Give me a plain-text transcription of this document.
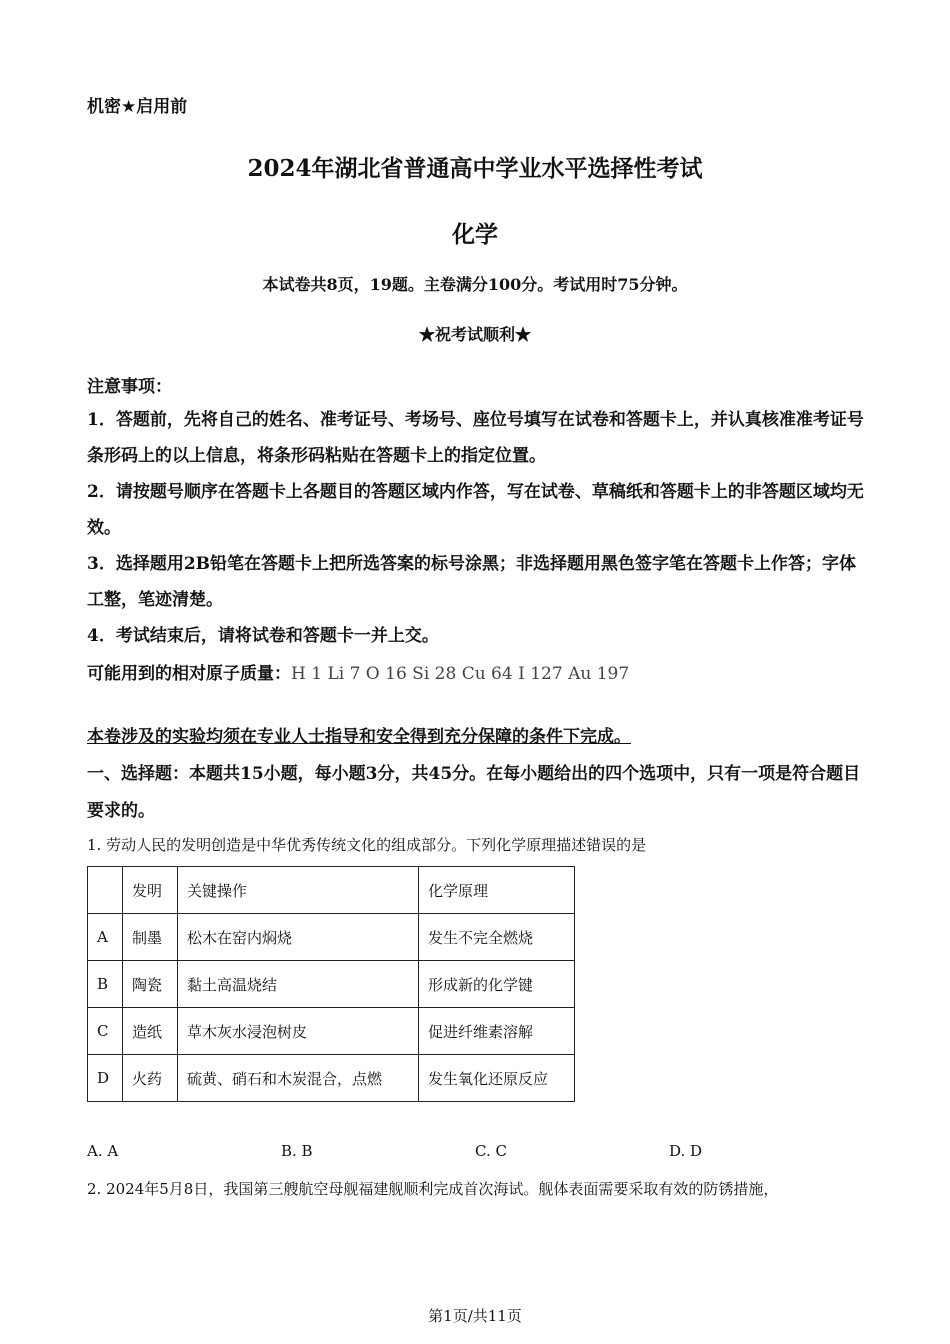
机密★启用前
2024年湖北省普通高中学业水平选择性考试
化学
本试卷共8页，19题。主卷满分100分。考试用时75分钟。
★祝考试顺利★
注意事项：

1．答题前，先将自己的姓名、准考证号、考场号、座位号填写在试卷和答题卡上，并认真核准准考证号条形码上的以上信息，将条形码粘贴在答题卡上的指定位置。

2．请按题号顺序在答题卡上各题目的答题区域内作答，写在试卷、草稿纸和答题卡上的非答题区域均无效。

3．选择题用2B铅笔在答题卡上把所选答案的标号涂黑；非选择题用黑色签字笔在答题卡上作答；字体工整，笔迹清楚。

4．考试结束后，请将试卷和答题卡一并上交。

可能用到的相对原子质量：H 1 Li 7 O 16 Si 28 Cu 64 I 127 Au 197
本卷涉及的实验均须在专业人士指导和安全得到充分保障的条件下完成。
一、选择题：本题共15小题，每小题3分，共45分。在每小题给出的四个选项中，只有一项是符合题目要求的。
1. 劳动人民的发明创造是中华优秀传统文化的组成部分。下列化学原理描述错误的是
	发明	关键操作	化学原理
A	制墨	松木在窑内焖烧	发生不完全燃烧
B	陶瓷	黏土高温烧结	形成新的化学键
C	造纸	草木灰水浸泡树皮	促进纤维素溶解
D	火药	硫黄、硝石和木炭混合，点燃	发生氧化还原反应
A. A	B. B	C. C	D. D
2. 2024年5月8日，我国第三艘航空母舰福建舰顺利完成首次海试。舰体表面需要采取有效的防锈措施，
第1页/共11页
